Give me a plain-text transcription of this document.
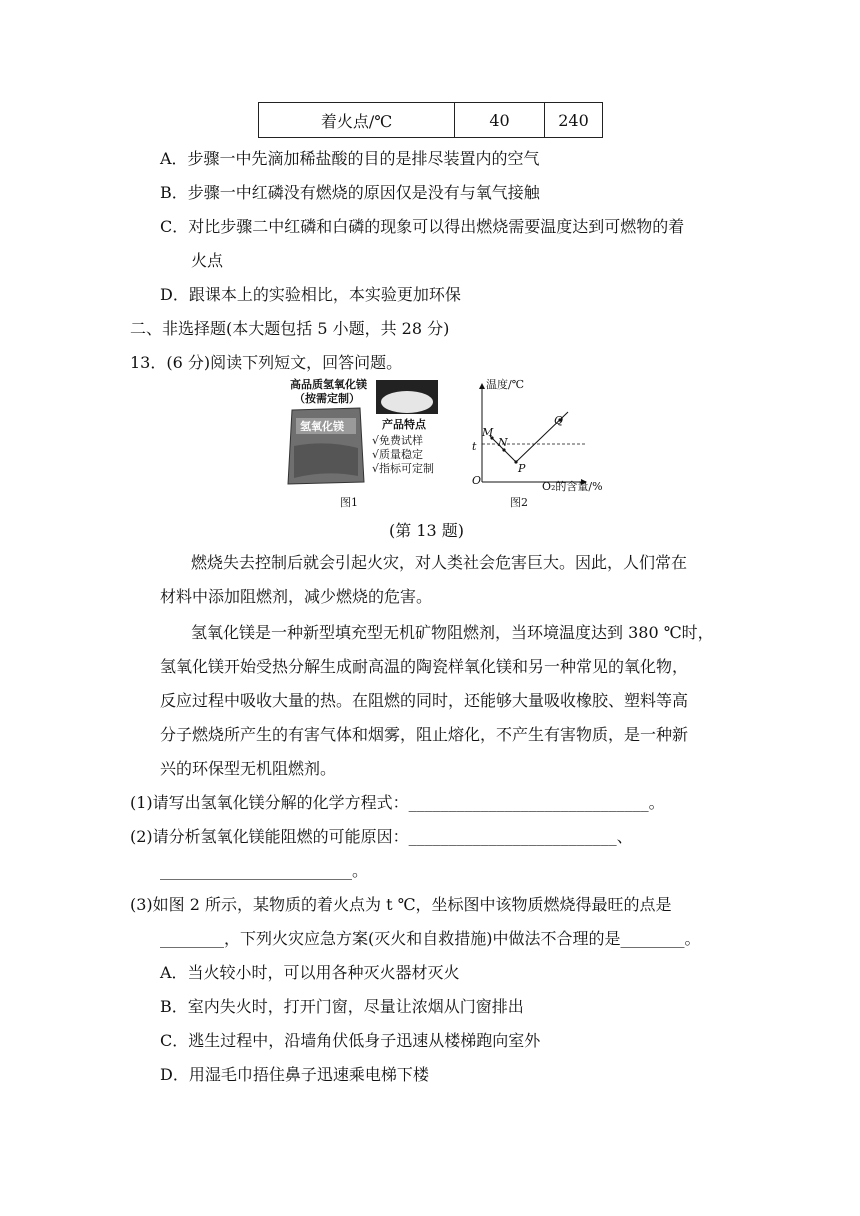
着火点/℃	40	240
A．步骤一中先滴加稀盐酸的目的是排尽装置内的空气
B．步骤一中红磷没有燃烧的原因仅是没有与氧气接触
C．对比步骤二中红磷和白磷的现象可以得出燃烧需要温度达到可燃物的着
火点
D．跟课本上的实验相比，本实验更加环保
二、非选择题(本大题包括 5 小题，共 28 分)
13．(6 分)阅读下列短文，回答问题。
高品质氢氧化镁
（按需定制）
氢氧化镁	产品特点
√免费试样
√质量稳定
√指标可定制
图1
温度/℃
t
O
M
N
P
Q
O₂的含量/%
图2
(第 13 题)
燃烧失去控制后就会引起火灾，对人类社会危害巨大。因此，人们常在
材料中添加阻燃剂，减少燃烧的危害。
氢氧化镁是一种新型填充型无机矿物阻燃剂，当环境温度达到 380 ℃时，
氢氧化镁开始受热分解生成耐高温的陶瓷样氧化镁和另一种常见的氧化物，
反应过程中吸收大量的热。在阻燃的同时，还能够大量吸收橡胶、塑料等高
分子燃烧所产生的有害气体和烟雾，阻止熔化，不产生有害物质，是一种新
兴的环保型无机阻燃剂。
(1)请写出氢氧化镁分解的化学方程式：______________________________。
(2)请分析氢氧化镁能阻燃的可能原因：__________________________、
________________________。
(3)如图 2 所示，某物质的着火点为 t ℃，坐标图中该物质燃烧得最旺的点是
________，下列火灾应急方案(灭火和自救措施)中做法不合理的是________。
A．当火较小时，可以用各种灭火器材灭火
B．室内失火时，打开门窗，尽量让浓烟从门窗排出
C．逃生过程中，沿墙角伏低身子迅速从楼梯跑向室外
D．用湿毛巾捂住鼻子迅速乘电梯下楼
